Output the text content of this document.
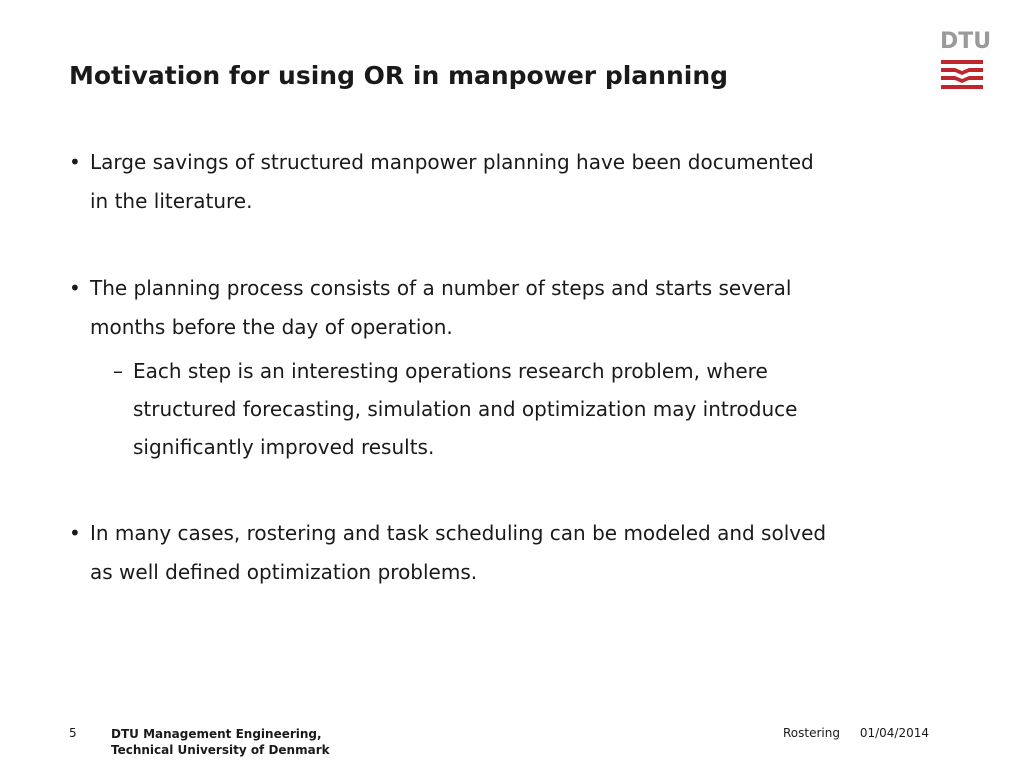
Motivation for using OR in manpower planning
DTU
• Large savings of structured manpower planning have been documented
in the literature.
• The planning process consists of a number of steps and starts several
months before the day of operation.
– Each step is an interesting operations research problem, where
structured forecasting, simulation and optimization may introduce
significantly improved results.
• In many cases, rostering and task scheduling can be modeled and solved
as well defined optimization problems.
5	DTU Management Engineering,
Technical University of Denmark
Rostering 01/04/2014
